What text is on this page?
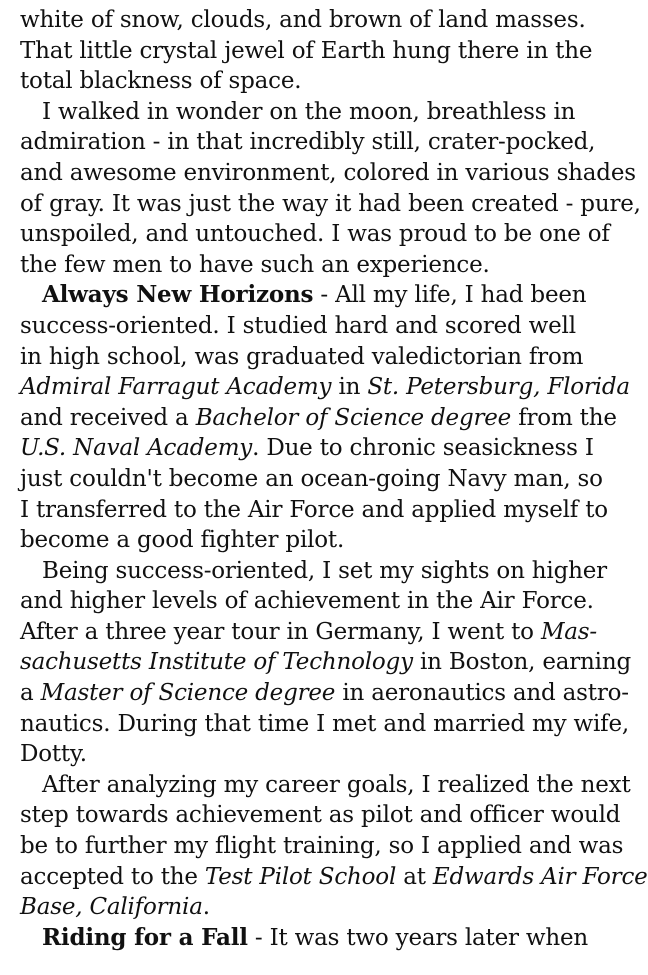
white of snow, clouds, and brown of land masses.
That little crystal jewel of Earth hung there in the
total blackness of space.
I walked in wonder on the moon, breathless in
admiration - in that incredibly still, crater-pocked,
and awesome environment, colored in various shades
of gray. It was just the way it had been created - pure,
unspoiled, and untouched. I was proud to be one of
the few men to have such an experience.
Always New Horizons - All my life, I had been
success-oriented. I studied hard and scored well
in high school, was graduated valedictorian from
Admiral Farragut Academy in St. Petersburg, Florida
and received a Bachelor of Science degree from the
U.S. Naval Academy. Due to chronic seasickness I
just couldn't become an ocean-going Navy man, so
I transferred to the Air Force and applied myself to
become a good fighter pilot.
Being success-oriented, I set my sights on higher
and higher levels of achievement in the Air Force.
After a three year tour in Germany, I went to Mas-
sachusetts Institute of Technology in Boston, earning
a Master of Science degree in aeronautics and astro-
nautics. During that time I met and married my wife,
Dotty.
After analyzing my career goals, I realized the next
step towards achievement as pilot and officer would
be to further my flight training, so I applied and was
accepted to the Test Pilot School at Edwards Air Force
Base, California.
Riding for a Fall - It was two years later when
